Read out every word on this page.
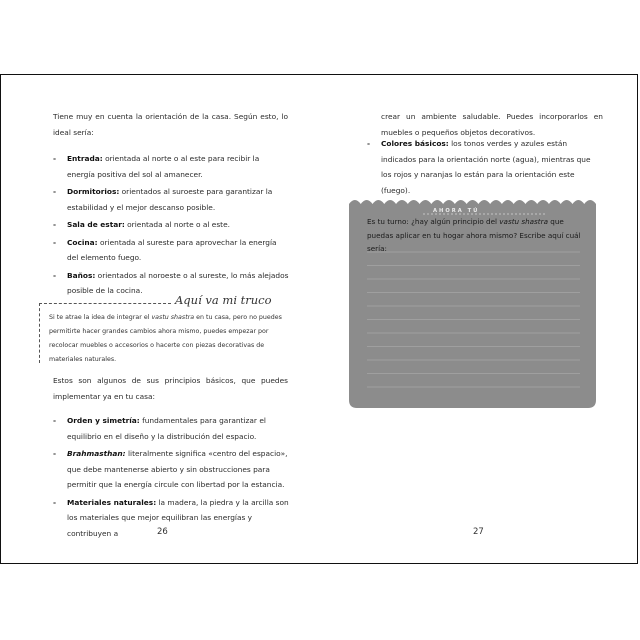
Tiene muy en cuenta la orientación de la casa. Según esto, lo ideal sería:

- Entrada: orientada al norte o al este para recibir la energía positiva del sol al amanecer.
- Dormitorios: orientados al suroeste para garantizar la estabilidad y el mejor descanso posible.
- Sala de estar: orientada al norte o al este.
- Cocina: orientada al sureste para aprovechar la energía del elemento fuego.
- Baños: orientados al noroeste o al sureste, lo más alejados posible de la cocina.
Aquí va mi truco

Si te atrae la idea de integrar el vastu shastra en tu casa, pero no puedes permitirte hacer grandes cambios ahora mismo, puedes empezar por recolocar muebles o accesorios o hacerte con piezas decorativas de materiales naturales.

Estos son algunos de sus principios básicos, que puedes implementar ya en tu casa:

- Orden y simetría: fundamentales para garantizar el equilibrio en el diseño y la distribución del espacio.
- Brahmasthan: literalmente significa «centro del espacio», que debe mantenerse abierto y sin obstrucciones para permitir que la energía circule con libertad por la estancia.
- Materiales naturales: la madera, la piedra y la arcilla son los materiales que mejor equilibran las energías y contribuyen a	26

crear un ambiente saludable. Puedes incorporarlos en muebles o pequeños objetos decorativos.

- Colores básicos: los tonos verdes y azules están indicados para la orientación norte (agua), mientras que los rojos y naranjas lo están para la orientación este (fuego).
AHORA TÚ

Es tu turno: ¿hay algún principio del vastu shastra que puedas aplicar en tu hogar ahora mismo? Escribe aquí cuál sería:

27
